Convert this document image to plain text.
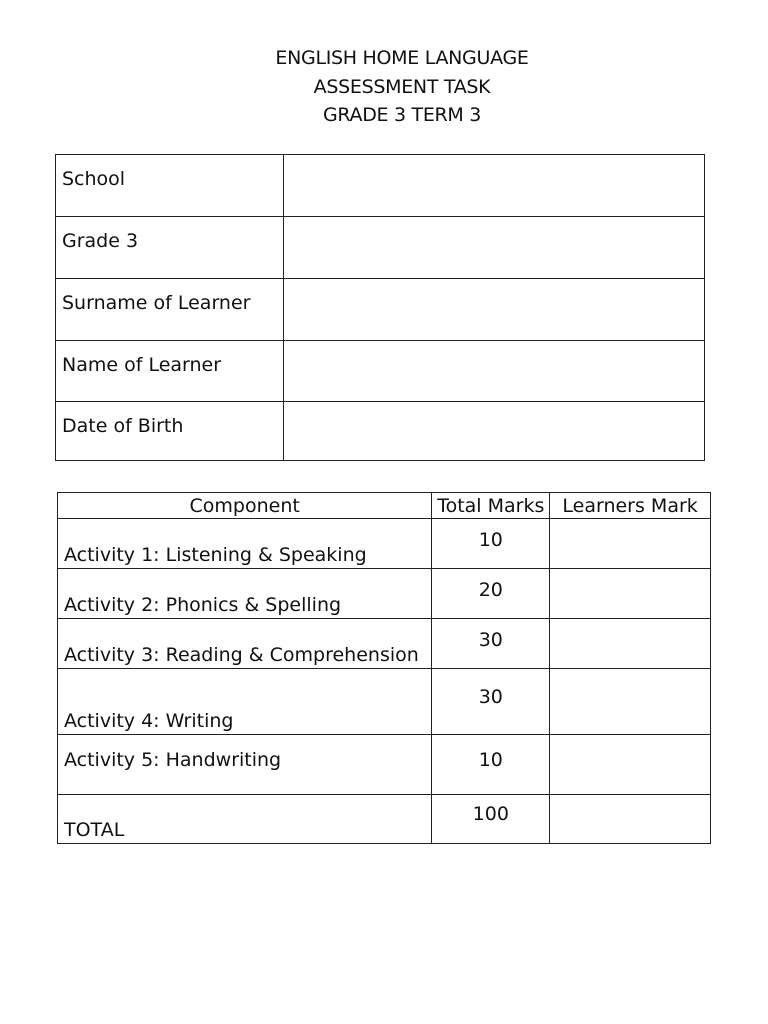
ENGLISH HOME LANGUAGE
ASSESSMENT TASK
GRADE 3 TERM 3
School	
Grade 3	
Surname of Learner	
Name of Learner	
Date of Birth	
Component	Total Marks	Learners Mark
Activity 1: Listening & Speaking	10	
Activity 2: Phonics & Spelling	20	
Activity 3: Reading & Comprehension	30	
Activity 4: Writing	30	
Activity 5: Handwriting	10	
TOTAL	100	
